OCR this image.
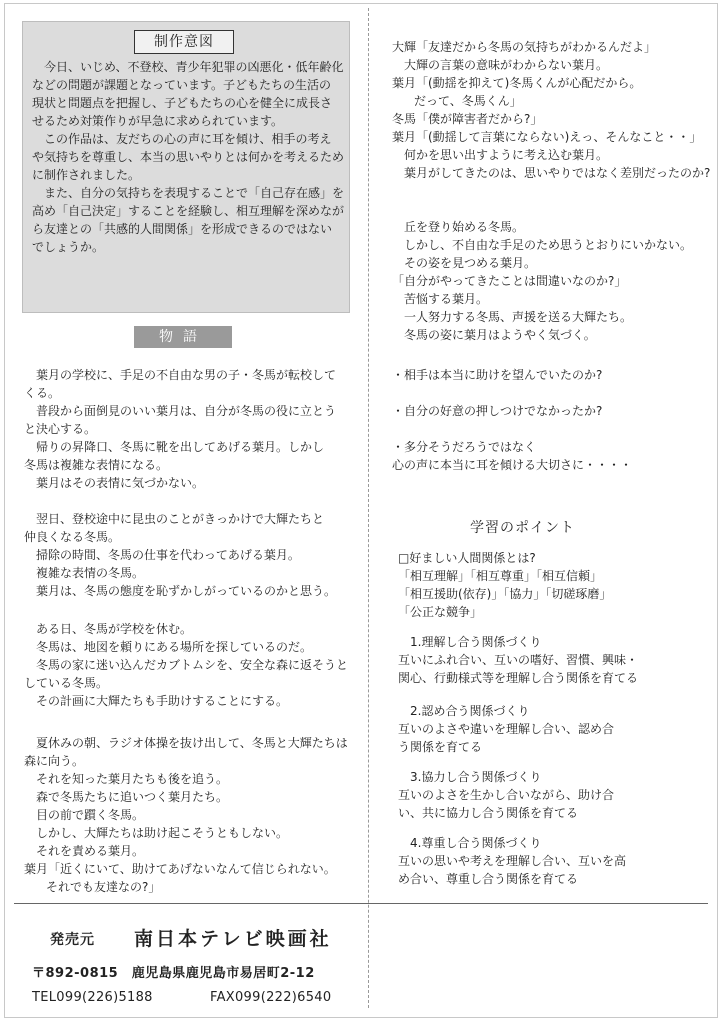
制作意図
今日、いじめ、不登校、青少年犯罪の凶悪化・低年齢化
などの問題が課題となっています。子どもたちの生活の
現状と問題点を把握し、子どもたちの心を健全に成長さ
せるため対策作りが早急に求められています。
この作品は、友だちの心の声に耳を傾け、相手の考え
や気持ちを尊重し、本当の思いやりとは何かを考えるため
に制作されました。
また、自分の気持ちを表現することで「自己存在感」を
高め「自己決定」することを経験し、相互理解を深めなが
ら友達との「共感的人間関係」を形成できるのではない
でしょうか。
物語
葉月の学校に、手足の不自由な男の子・冬馬が転校して
くる。
普段から面倒見のいい葉月は、自分が冬馬の役に立とう
と決心する。
帰りの昇降口、冬馬に靴を出してあげる葉月。しかし
冬馬は複雑な表情になる。
葉月はその表情に気づかない。
翌日、登校途中に昆虫のことがきっかけで大輝たちと
仲良くなる冬馬。
掃除の時間、冬馬の仕事を代わってあげる葉月。
複雑な表情の冬馬。
葉月は、冬馬の態度を恥ずかしがっているのかと思う。
ある日、冬馬が学校を休む。
冬馬は、地図を頼りにある場所を探しているのだ。
冬馬の家に迷い込んだカブトムシを、安全な森に返そうと
している冬馬。
その計画に大輝たちも手助けすることにする。
夏休みの朝、ラジオ体操を抜け出して、冬馬と大輝たちは
森に向う。
それを知った葉月たちも後を追う。
森で冬馬たちに追いつく葉月たち。
目の前で躓く冬馬。
しかし、大輝たちは助け起こそうともしない。
それを責める葉月。
葉月「近くにいて、助けてあげないなんて信じられない。
それでも友達なの?」
大輝「友達だから冬馬の気持ちがわかるんだよ」
大輝の言葉の意味がわからない葉月。
葉月「(動揺を抑えて)冬馬くんが心配だから。
だって、冬馬くん」
冬馬「僕が障害者だから?」
葉月「(動揺して言葉にならない)えっ、そんなこと・・」
何かを思い出すように考え込む葉月。
葉月がしてきたのは、思いやりではなく差別だったのか?
丘を登り始める冬馬。
しかし、不自由な手足のため思うとおりにいかない。
その姿を見つめる葉月。
「自分がやってきたことは間違いなのか?」
苦悩する葉月。
一人努力する冬馬、声援を送る大輝たち。
冬馬の姿に葉月はようやく気づく。
・相手は本当に助けを望んでいたのか?
・自分の好意の押しつけでなかったか?
・多分そうだろうではなく
心の声に本当に耳を傾ける大切さに・・・・
学習のポイント
□好ましい人間関係とは?
「相互理解」「相互尊重」「相互信頼」
「相互援助(依存)」「協力」「切磋琢磨」
「公正な競争」
1.理解し合う関係づくり
互いにふれ合い、互いの嗜好、習慣、興味・
関心、行動様式等を理解し合う関係を育てる
2.認め合う関係づくり
互いのよさや違いを理解し合い、認め合
う関係を育てる
3.協力し合う関係づくり
互いのよさを生かし合いながら、助け合
い、共に協力し合う関係を育てる
4.尊重し合う関係づくり
互いの思いや考えを理解し合い、互いを高
め合い、尊重し合う関係を育てる
発売元 南日本テレビ映画社
〒892-0815　鹿児島県鹿児島市易居町2-12
TEL099(226)5188	FAX099(222)6540
